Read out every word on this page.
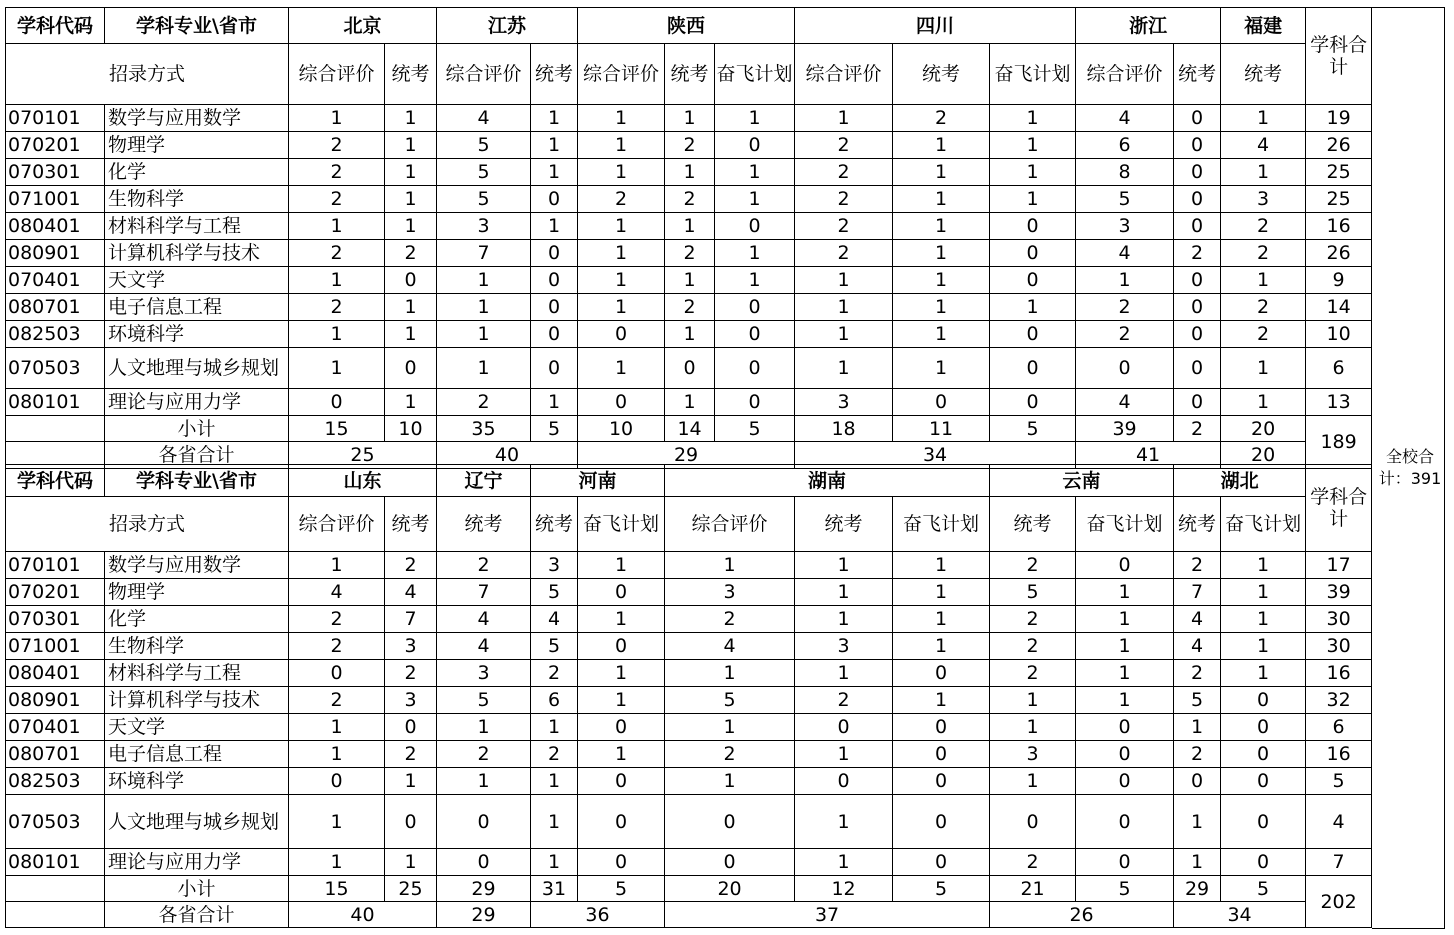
学科代码	学科专业\省市	北京		江苏		陕西			四川			浙江		福建	学科合计
招录方式		综合评价	统考	综合评价	统考	综合评价	统考	奋飞计划	综合评价	统考	奋飞计划	综合评价	统考	统考	
070101	数学与应用数学	1	1	4	1	1	1	1	1	2	1	4	0	1	19
070201	物理学	2	1	5	1	1	2	0	2	1	1	6	0	4	26
070301	化学	2	1	5	1	1	1	1	2	1	1	8	0	1	25
071001	生物科学	2	1	5	0	2	2	1	2	1	1	5	0	3	25
080401	材料科学与工程	1	1	3	1	1	1	0	2	1	0	3	0	2	16
080901	计算机科学与技术	2	2	7	0	1	2	1	2	1	0	4	2	2	26
070401	天文学	1	0	1	0	1	1	1	1	1	0	1	0	1	9
080701	电子信息工程	2	1	1	0	1	2	0	1	1	1	2	0	2	14
082503	环境科学	1	1	1	0	0	1	0	1	1	0	2	0	2	10
070503	人文地理与城乡规划	1	0	1	0	1	0	0	1	1	0	0	0	1	6
080101	理论与应用力学	0	1	2	1	0	1	0	3	0	0	4	0	1	13
	小计	15	10	35	5	10	14	5	18	11	5	39	2	20	189
	各省合计	25		40		29			34			41		20	
学科代码	学科专业\省市	山东		辽宁	河南		湖南			云南		湖北		学科合计
招录方式		综合评价	统考	统考	统考	奋飞计划	综合评价	统考	奋飞计划	统考	奋飞计划	统考	奋飞计划	
070101	数学与应用数学	1	2	2	3	1	1	1	1	2	0	2	1	17
070201	物理学	4	4	7	5	0	3	1	1	5	1	7	1	39
070301	化学	2	7	4	4	1	2	1	1	2	1	4	1	30
071001	生物科学	2	3	4	5	0	4	3	1	2	1	4	1	30
080401	材料科学与工程	0	2	3	2	1	1	1	0	2	1	2	1	16
080901	计算机科学与技术	2	3	5	6	1	5	2	1	1	1	5	0	32
070401	天文学	1	0	1	1	0	1	0	0	1	0	1	0	6
080701	电子信息工程	1	2	2	2	1	2	1	0	3	0	2	0	16
082503	环境科学	0	1	1	1	0	1	0	0	1	0	0	0	5
070503	人文地理与城乡规划	1	0	0	1	0	0	1	0	0	0	1	0	4
080101	理论与应用力学	1	1	0	1	0	0	1	0	2	0	1	0	7
	小计	15	25	29	31	5	20	12	5	21	5	29	5	202
	各省合计	40		29	36		37			26		34		
全校合计：391
